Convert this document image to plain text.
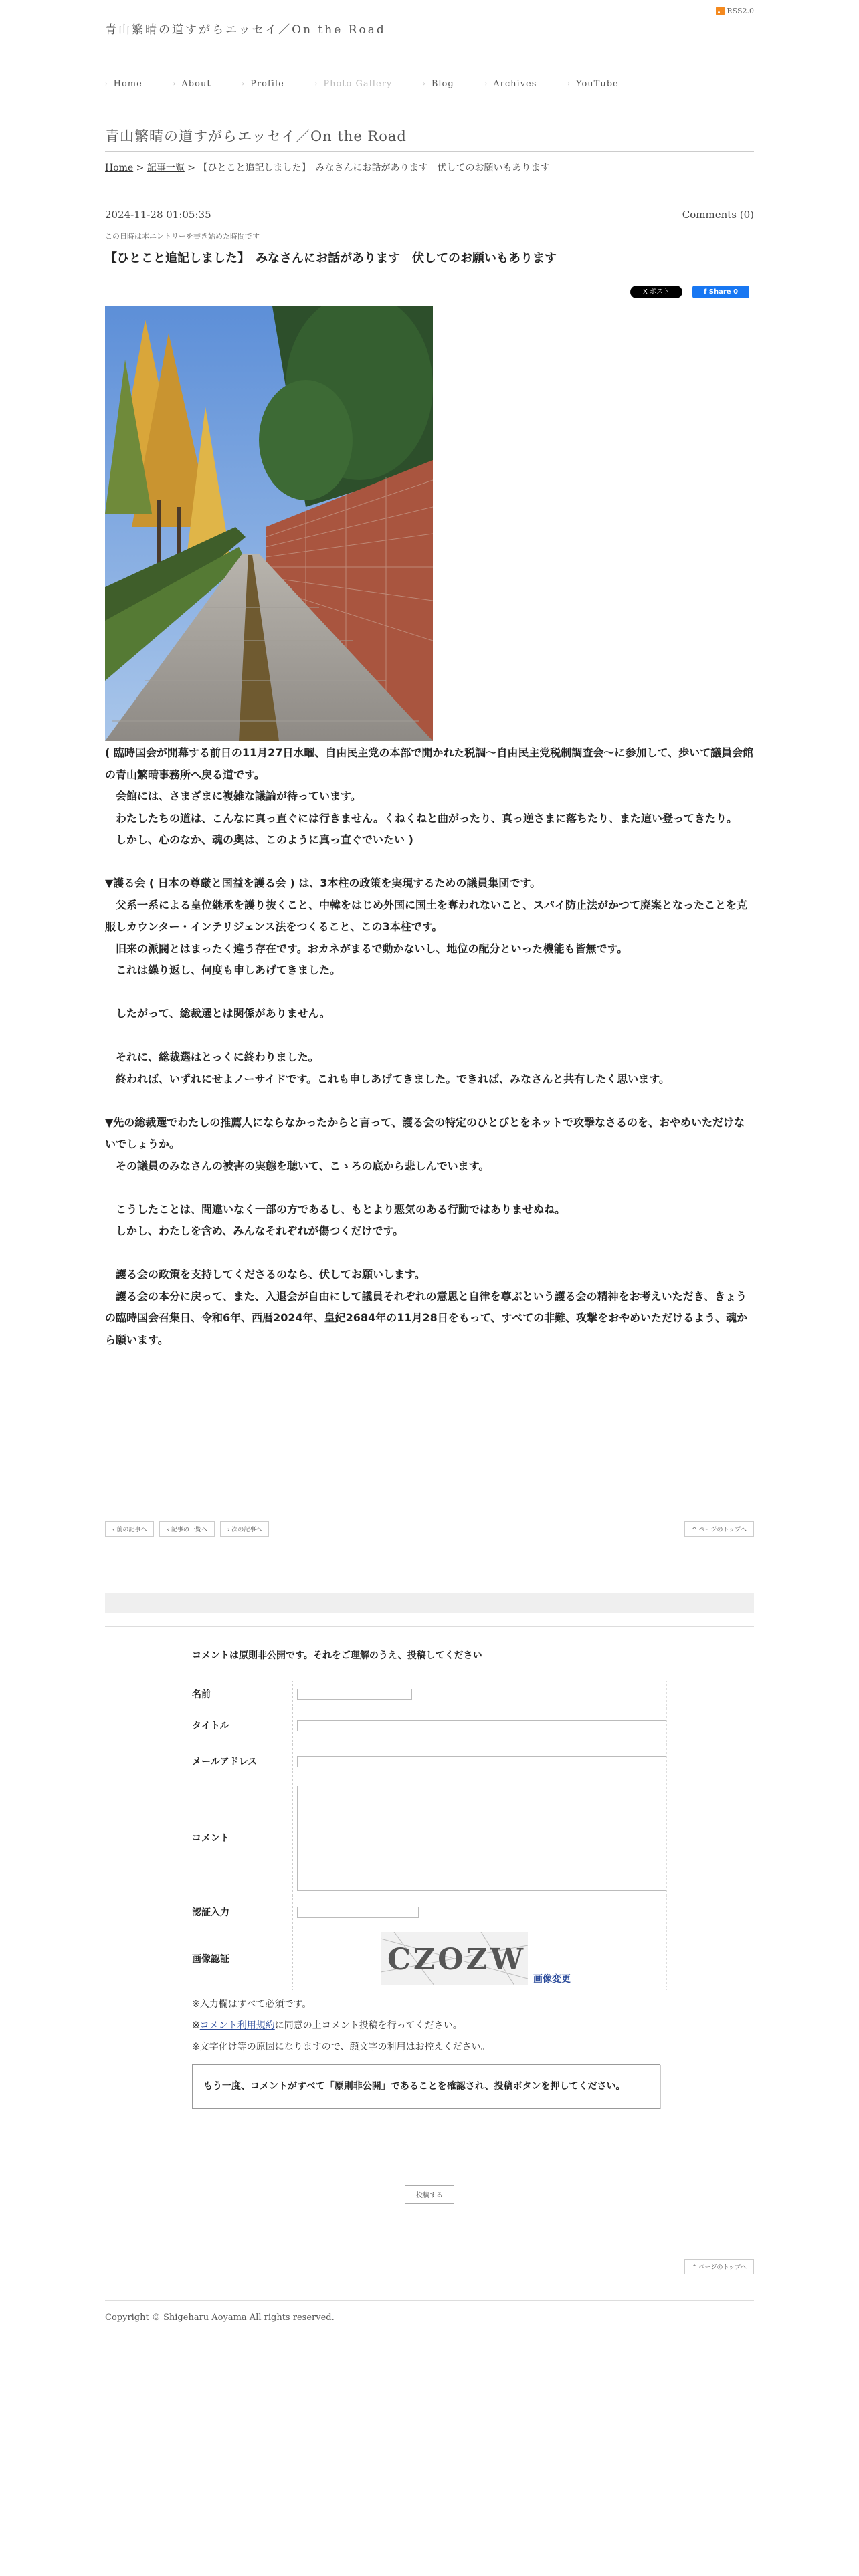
青山繁晴の道すがらエッセイ／On the Road
RSS2.0
› Home	› About	› Profile	› Photo Gallery	› Blog	› Archives	› YouTube
青山繁晴の道すがらエッセイ／On the Road
Home > 記事一覧 > 【ひとこと追記しました】　みなさんにお話があります　伏してのお願いもあります
2024-11-28 01:05:35	Comments (0)
この日時は本エントリーを書き始めた時間です
【ひとこと追記しました】　みなさんにお話があります　伏してのお願いもあります
X ポスト	f Share 0

( 臨時国会が開幕する前日の11月27日水曜、自由民主党の本部で開かれた税調〜自由民主党税制調査会〜に参加して、歩いて議員会館の青山繁晴事務所へ戻る道です。

　会館には、さまざまに複雑な議論が待っています。

　わたしたちの道は、こんなに真っ直ぐには行きません。くねくねと曲がったり、真っ逆さまに落ちたり、また這い登ってきたり。

　しかし、心のなか、魂の奥は、このように真っ直ぐでいたい )

▼護る会 ( 日本の尊厳と国益を護る会 ) は、3本柱の政策を実現するための議員集団です。

　父系一系による皇位継承を護り抜くこと、中韓をはじめ外国に国土を奪われないこと、スパイ防止法がかつて廃案となったことを克服しカウンター・インテリジェンス法をつくること、この3本柱です。

　旧来の派閥とはまったく違う存在です。おカネがまるで動かないし、地位の配分といった機能も皆無です。

　これは繰り返し、何度も申しあげてきました。

　したがって、総裁選とは関係がありません。

　それに、総裁選はとっくに終わりました。

　終われば、いずれにせよノーサイドです。これも申しあげてきました。できれば、みなさんと共有したく思います。

▼先の総裁選でわたしの推薦人にならなかったからと言って、護る会の特定のひとびとをネットで攻撃なさるのを、おやめいただけないでしょうか。

　その議員のみなさんの被害の実態を聴いて、こゝろの底から悲しんでいます。

　こうしたことは、間違いなく一部の方であるし、もとより悪気のある行動ではありませぬね。

　しかし、わたしを含め、みんなそれぞれが傷つくだけです。

　護る会の政策を支持してくださるのなら、伏してお願いします。

　護る会の本分に戻って、また、入退会が自由にして議員それぞれの意思と自律を尊ぶという護る会の精神をお考えいただき、きょうの臨時国会召集日、令和6年、西暦2024年、皇紀2684年の11月28日をもって、すべての非難、攻撃をおやめいただけるよう、魂から願います。

‹ 前の記事へ	‹ 記事の一覧へ	› 次の記事へ	^ ページのトップへ
コメントは原則非公開です。それをご理解のうえ、投稿してください
名前
タイトル
メールアドレス
コメント
認証入力
画像認証	CZOZW
画像変更
※入力欄はすべて必須です。
※コメント利用規約に同意の上コメント投稿を行ってください。
※文字化け等の原因になりますので、顔文字の利用はお控えください。
もう一度、コメントがすべて「原則非公開」であることを確認され、投稿ボタンを押してください。
投稿する
^ ページのトップへ
Copyright © Shigeharu Aoyama All rights reserved.
